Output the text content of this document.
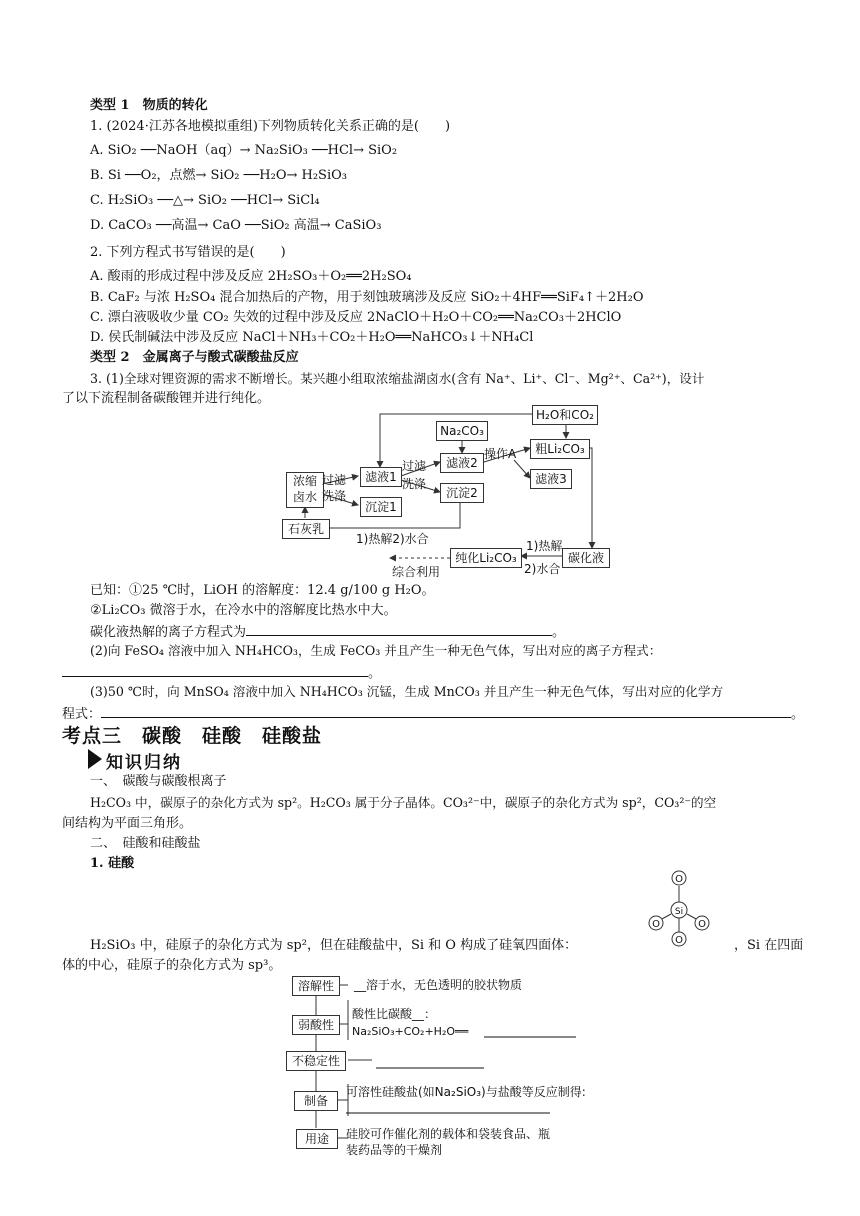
类型 1　物质的转化
1. (2024·江苏各地模拟重组)下列物质转化关系正确的是(　　)
A. SiO₂ ──NaOH（aq）→ Na₂SiO₃ ──HCl→ SiO₂
B. Si ──O₂，点燃→ SiO₂ ──H₂O→ H₂SiO₃
C. H₂SiO₃ ──△→ SiO₂ ──HCl→ SiCl₄
D. CaCO₃ ──高温→ CaO ──SiO₂ 高温→ CaSiO₃
2. 下列方程式书写错误的是(　　)
A. 酸雨的形成过程中涉及反应 2H₂SO₃＋O₂══2H₂SO₄
B. CaF₂ 与浓 H₂SO₄ 混合加热后的产物，用于刻蚀玻璃涉及反应 SiO₂＋4HF══SiF₄↑＋2H₂O
C. 漂白液吸收少量 CO₂ 失效的过程中涉及反应 2NaClO＋H₂O＋CO₂══Na₂CO₃＋2HClO
D. 侯氏制碱法中涉及反应 NaCl＋NH₃＋CO₂＋H₂O══NaHCO₃↓＋NH₄Cl
类型 2　金属离子与酸式碳酸盐反应
3. (1)全球对锂资源的需求不断增长。某兴趣小组取浓缩盐湖卤水(含有 Na⁺、Li⁺、Cl⁻、Mg²⁺、Ca²⁺)，设计
了以下流程制备碳酸锂并进行纯化。
H₂O和CO₂
Na₂CO₃
粗Li₂CO₃
操作A
滤液1
滤液2
滤液3
浓缩
卤水
过滤
洗涤
过滤
洗涤
沉淀1
沉淀2
石灰乳
1)热解2)水合	1)热解
2)水合
碳化液
纯化Li₂CO₃
综合利用
已知：①25 ℃时，LiOH 的溶解度：12.4 g/100 g H₂O。
②Li₂CO₃ 微溶于水，在冷水中的溶解度比热水中大。
碳化液热解的离子方程式为	。
(2)向 FeSO₄ 溶液中加入 NH₄HCO₃，生成 FeCO₃ 并且产生一种无色气体，写出对应的离子方程式：
。
(3)50 ℃时，向 MnSO₄ 溶液中加入 NH₄HCO₃ 沉锰，生成 MnCO₃ 并且产生一种无色气体，写出对应的化学方
程式：	。
考点三　碳酸　硅酸　硅酸盐
知识归纳
一、　碳酸与碳酸根离子
H₂CO₃ 中，碳原子的杂化方式为 sp²。H₂CO₃ 属于分子晶体。CO₃²⁻中，碳原子的杂化方式为 sp²，CO₃²⁻的空
间结构为平面三角形。
二、　硅酸和硅酸盐
1. 硅酸
O
Si
O	O
O
H₂SiO₃ 中，硅原子的杂化方式为 sp²，但在硅酸盐中，Si 和 O 构成了硅氧四面体：	，Si 在四面
体的中心，硅原子的杂化方式为 sp³。
溶解性	__溶于水，无色透明的胶状物质
弱酸性
酸性比碳酸__：
Na₂SiO₃+CO₂+H₂O══
不稳定性
制备
可溶性硅酸盐(如Na₂SiO₃)与盐酸等反应制得:
用途	硅胶可作催化剂的载体和袋装食品、瓶
装药品等的干燥剂
